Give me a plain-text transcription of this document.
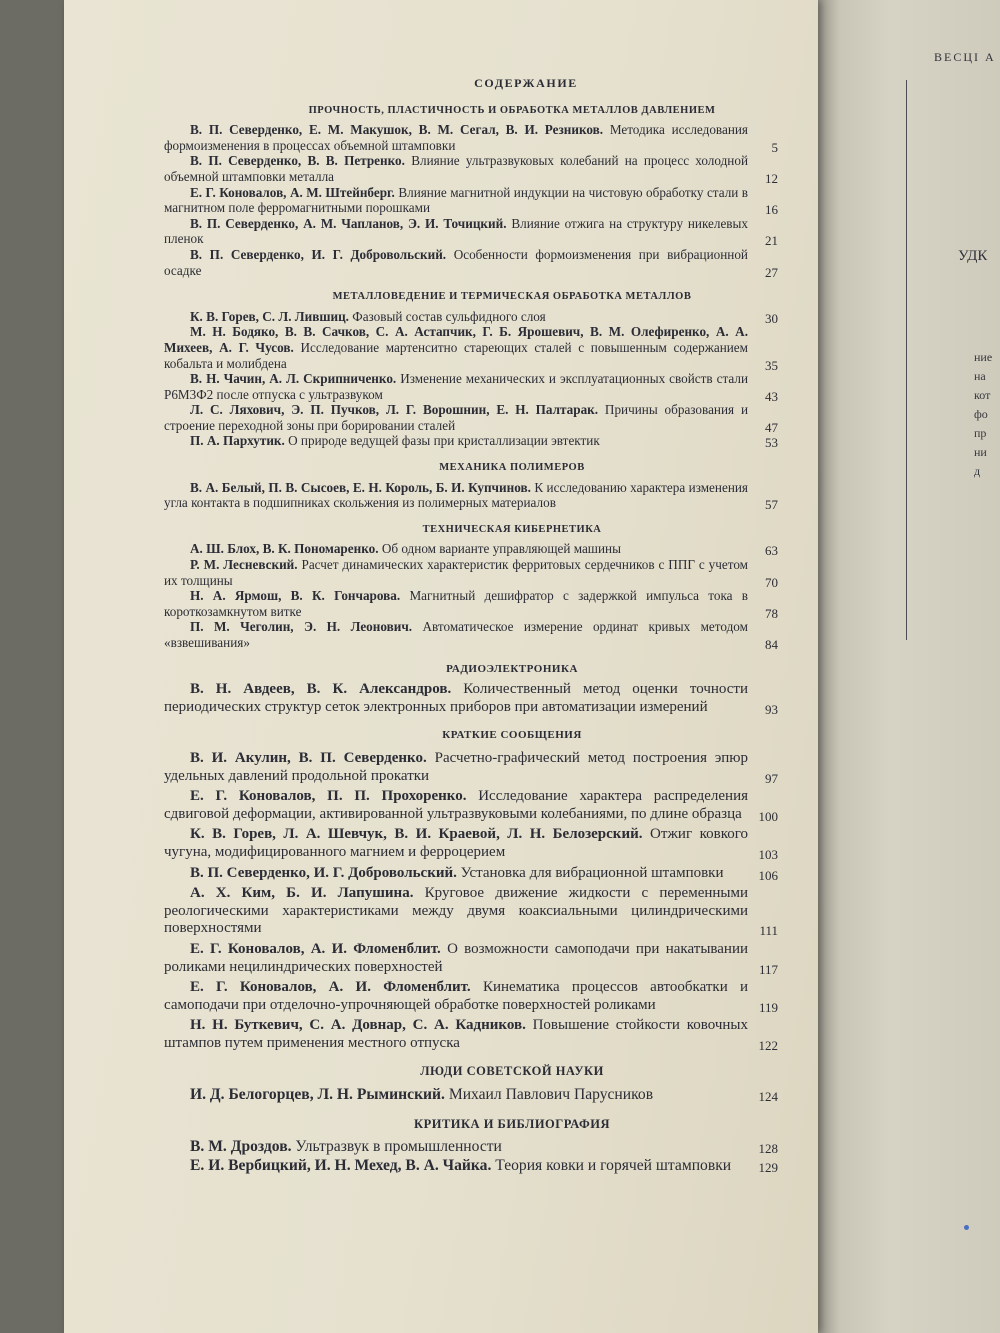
ВЕСЦІ А
УДК
ние
на
кот
фо
пр
ни
д
СОДЕРЖАНИЕ
ПРОЧНОСТЬ, ПЛАСТИЧНОСТЬ И ОБРАБОТКА МЕТАЛЛОВ ДАВЛЕНИЕМ
В. П. Северденко, Е. М. Макушок, В. М. Сегал, В. И. Резников. Методика исследования формоизменения в процессах объемной штамповки	5
В. П. Северденко, В. В. Петренко. Влияние ультразвуковых колебаний на процесс холодной объемной штамповки металла	12
Е. Г. Коновалов, А. М. Штейнберг. Влияние магнитной индукции на чистовую обработку стали в магнитном поле ферромагнитными порошками	16
В. П. Северденко, А. М. Чапланов, Э. И. Точицкий. Влияние отжига на структуру никелевых пленок	21
В. П. Северденко, И. Г. Добровольский. Особенности формоизменения при вибрационной осадке	27
МЕТАЛЛОВЕДЕНИЕ И ТЕРМИЧЕСКАЯ ОБРАБОТКА МЕТАЛЛОВ
К. В. Горев, С. Л. Лившиц. Фазовый состав сульфидного слоя	30
М. Н. Бодяко, В. В. Сачков, С. А. Астапчик, Г. Б. Ярошевич, В. М. Олефиренко, А. А. Михеев, А. Г. Чусов. Исследование мартенситно стареющих сталей с повышенным содержанием кобальта и молибдена	35
В. Н. Чачин, А. Л. Скрипниченко. Изменение механических и эксплуатационных свойств стали Р6М3Ф2 после отпуска с ультразвуком	43
Л. С. Ляхович, Э. П. Пучков, Л. Г. Ворошнин, Е. Н. Палтарак. Причины образования и строение переходной зоны при борировании сталей	47
П. А. Пархутик. О природе ведущей фазы при кристаллизации эвтектик	53
МЕХАНИКА ПОЛИМЕРОВ
В. А. Белый, П. В. Сысоев, Е. Н. Король, Б. И. Купчинов. К исследованию характера изменения угла контакта в подшипниках скольжения из полимерных материалов	57
ТЕХНИЧЕСКАЯ КИБЕРНЕТИКА
А. Ш. Блох, В. К. Пономаренко. Об одном варианте управляющей машины	63
Р. М. Лесневский. Расчет динамических характеристик ферритовых сердечников с ППГ с учетом их толщины	70
Н. А. Ярмош, В. К. Гончарова. Магнитный дешифратор с задержкой импульса тока в короткозамкнутом витке	78
П. М. Чеголин, Э. Н. Леонович. Автоматическое измерение ординат кривых методом «взвешивания»	84
РАДИОЭЛЕКТРОНИКА
В. Н. Авдеев, В. К. Александров. Количественный метод оценки точности периодических структур сеток электронных приборов при автоматизации измерений	93
КРАТКИЕ СООБЩЕНИЯ
В. И. Акулин, В. П. Северденко. Расчетно-графический метод построения эпюр удельных давлений продольной прокатки	97
Е. Г. Коновалов, П. П. Прохоренко. Исследование характера распределения сдвиговой деформации, активированной ультразвуковыми колебаниями, по длине образца	100
К. В. Горев, Л. А. Шевчук, В. И. Краевой, Л. Н. Белозерский. Отжиг ковкого чугуна, модифицированного магнием и ферроцерием	103
В. П. Северденко, И. Г. Добровольский. Установка для вибрационной штамповки	106
А. Х. Ким, Б. И. Лапушина. Круговое движение жидкости с переменными реологическими характеристиками между двумя коаксиальными цилиндрическими поверхностями	111
Е. Г. Коновалов, А. И. Фломенблит. О возможности самоподачи при накатывании роликами нецилиндрических поверхностей	117
Е. Г. Коновалов, А. И. Фломенблит. Кинематика процессов автообкатки и самоподачи при отделочно-упрочняющей обработке поверхностей роликами	119
Н. Н. Буткевич, С. А. Довнар, С. А. Кадников. Повышение стойкости ковочных штампов путем применения местного отпуска	122
ЛЮДИ СОВЕТСКОЙ НАУКИ
И. Д. Белогорцев, Л. Н. Рыминский. Михаил Павлович Парусников	124
КРИТИКА И БИБЛИОГРАФИЯ
В. М. Дроздов. Ультразвук в промышленности	128
Е. И. Вербицкий, И. Н. Мехед, В. А. Чайка. Теория ковки и горячей штамповки	129
